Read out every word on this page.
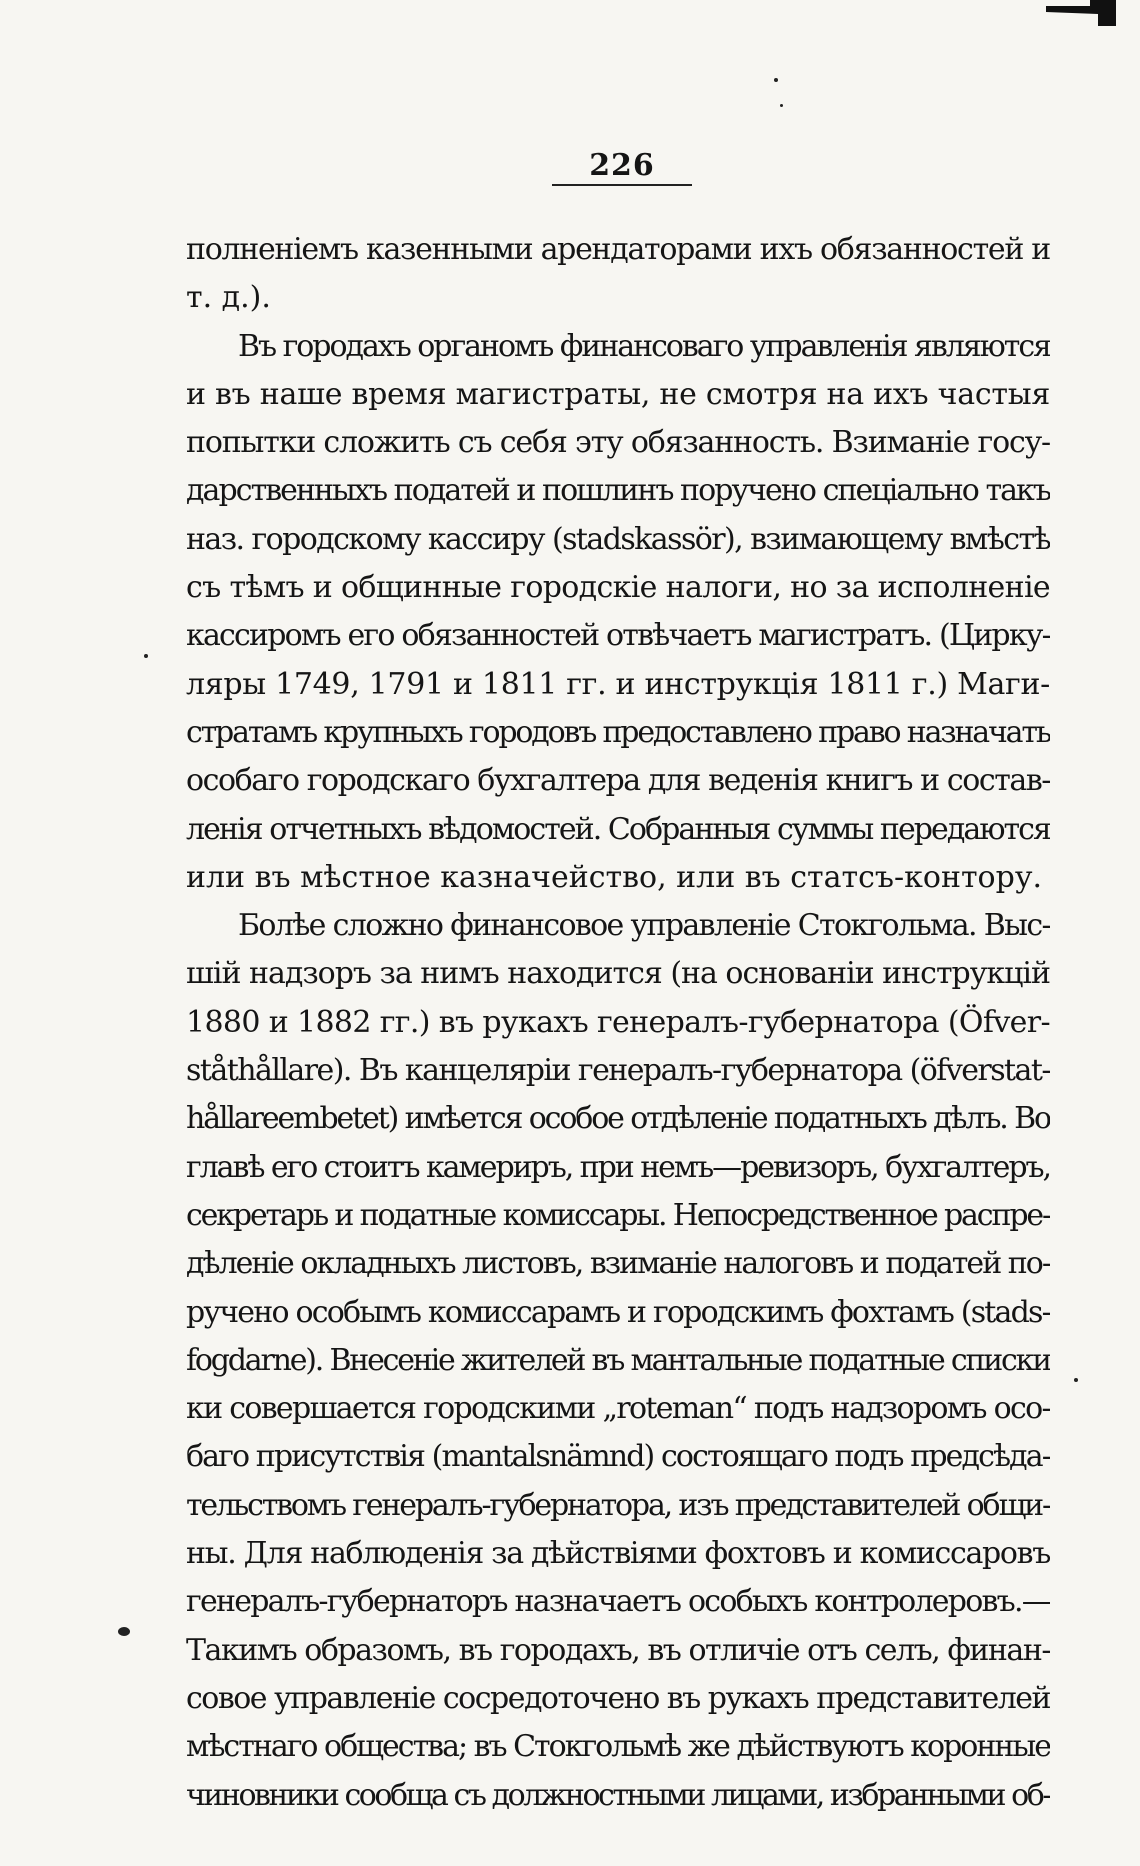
226
полненіемъ казенными арендаторами ихъ обязанностей и
т. д.).
Въ городахъ органомъ финансоваго управленія являются
и въ наше время магистраты, не смотря на ихъ частыя
попытки сложить съ себя эту обязанность. Взиманіе госу-
дарственныхъ податей и пошлинъ поручено спеціально такъ
наз. городскому кассиру (stadskassör), взимающему вмѣстѣ
съ тѣмъ и общинные городскіе налоги, но за исполненіе
кассиромъ его обязанностей отвѣчаетъ магистратъ. (Цирку-
ляры 1749, 1791 и 1811 гг. и инструкція 1811 г.) Маги-
стратамъ крупныхъ городовъ предоставлено право назначать
особаго городскаго бухгалтера для веденія книгъ и состав-
ленія отчетныхъ вѣдомостей. Собранныя суммы передаются
или въ мѣстное казначейство, или въ статсъ-контору.
Болѣе сложно финансовое управленіе Стокгольма. Выс-
шій надзоръ за нимъ находится (на основаніи инструкцій
1880 и 1882 гг.) въ рукахъ генералъ-губернатора (Öfver-
ståthållare). Въ канцеляріи генералъ-губернатора (öfverstat-
hållareembetet) имѣется особое отдѣленіе податныхъ дѣлъ. Во
главѣ его стоитъ камериръ, при немъ—ревизоръ, бухгалтеръ,
секретарь и податные комиссары. Непосредственное распре-
дѣленіе окладныхъ листовъ, взиманіе налоговъ и податей по-
ручено особымъ комиссарамъ и городскимъ фохтамъ (stads-
fogdarne). Внесеніе жителей въ мантальные податные списки
ки совершается городскими „roteman“ подъ надзоромъ осо-
баго присутствія (mantalsnämnd) состоящаго подъ предсѣда-
тельствомъ генералъ-губернатора, изъ представителей общи-
ны. Для наблюденія за дѣйствіями фохтовъ и комиссаровъ
генералъ-губернаторъ назначаетъ особыхъ контролеровъ.—
Такимъ образомъ, въ городахъ, въ отличіе отъ селъ, финан-
совое управленіе сосредоточено въ рукахъ представителей
мѣстнаго общества; въ Стокгольмѣ же дѣйствуютъ коронные
чиновники сообща съ должностными лицами, избранными об-
